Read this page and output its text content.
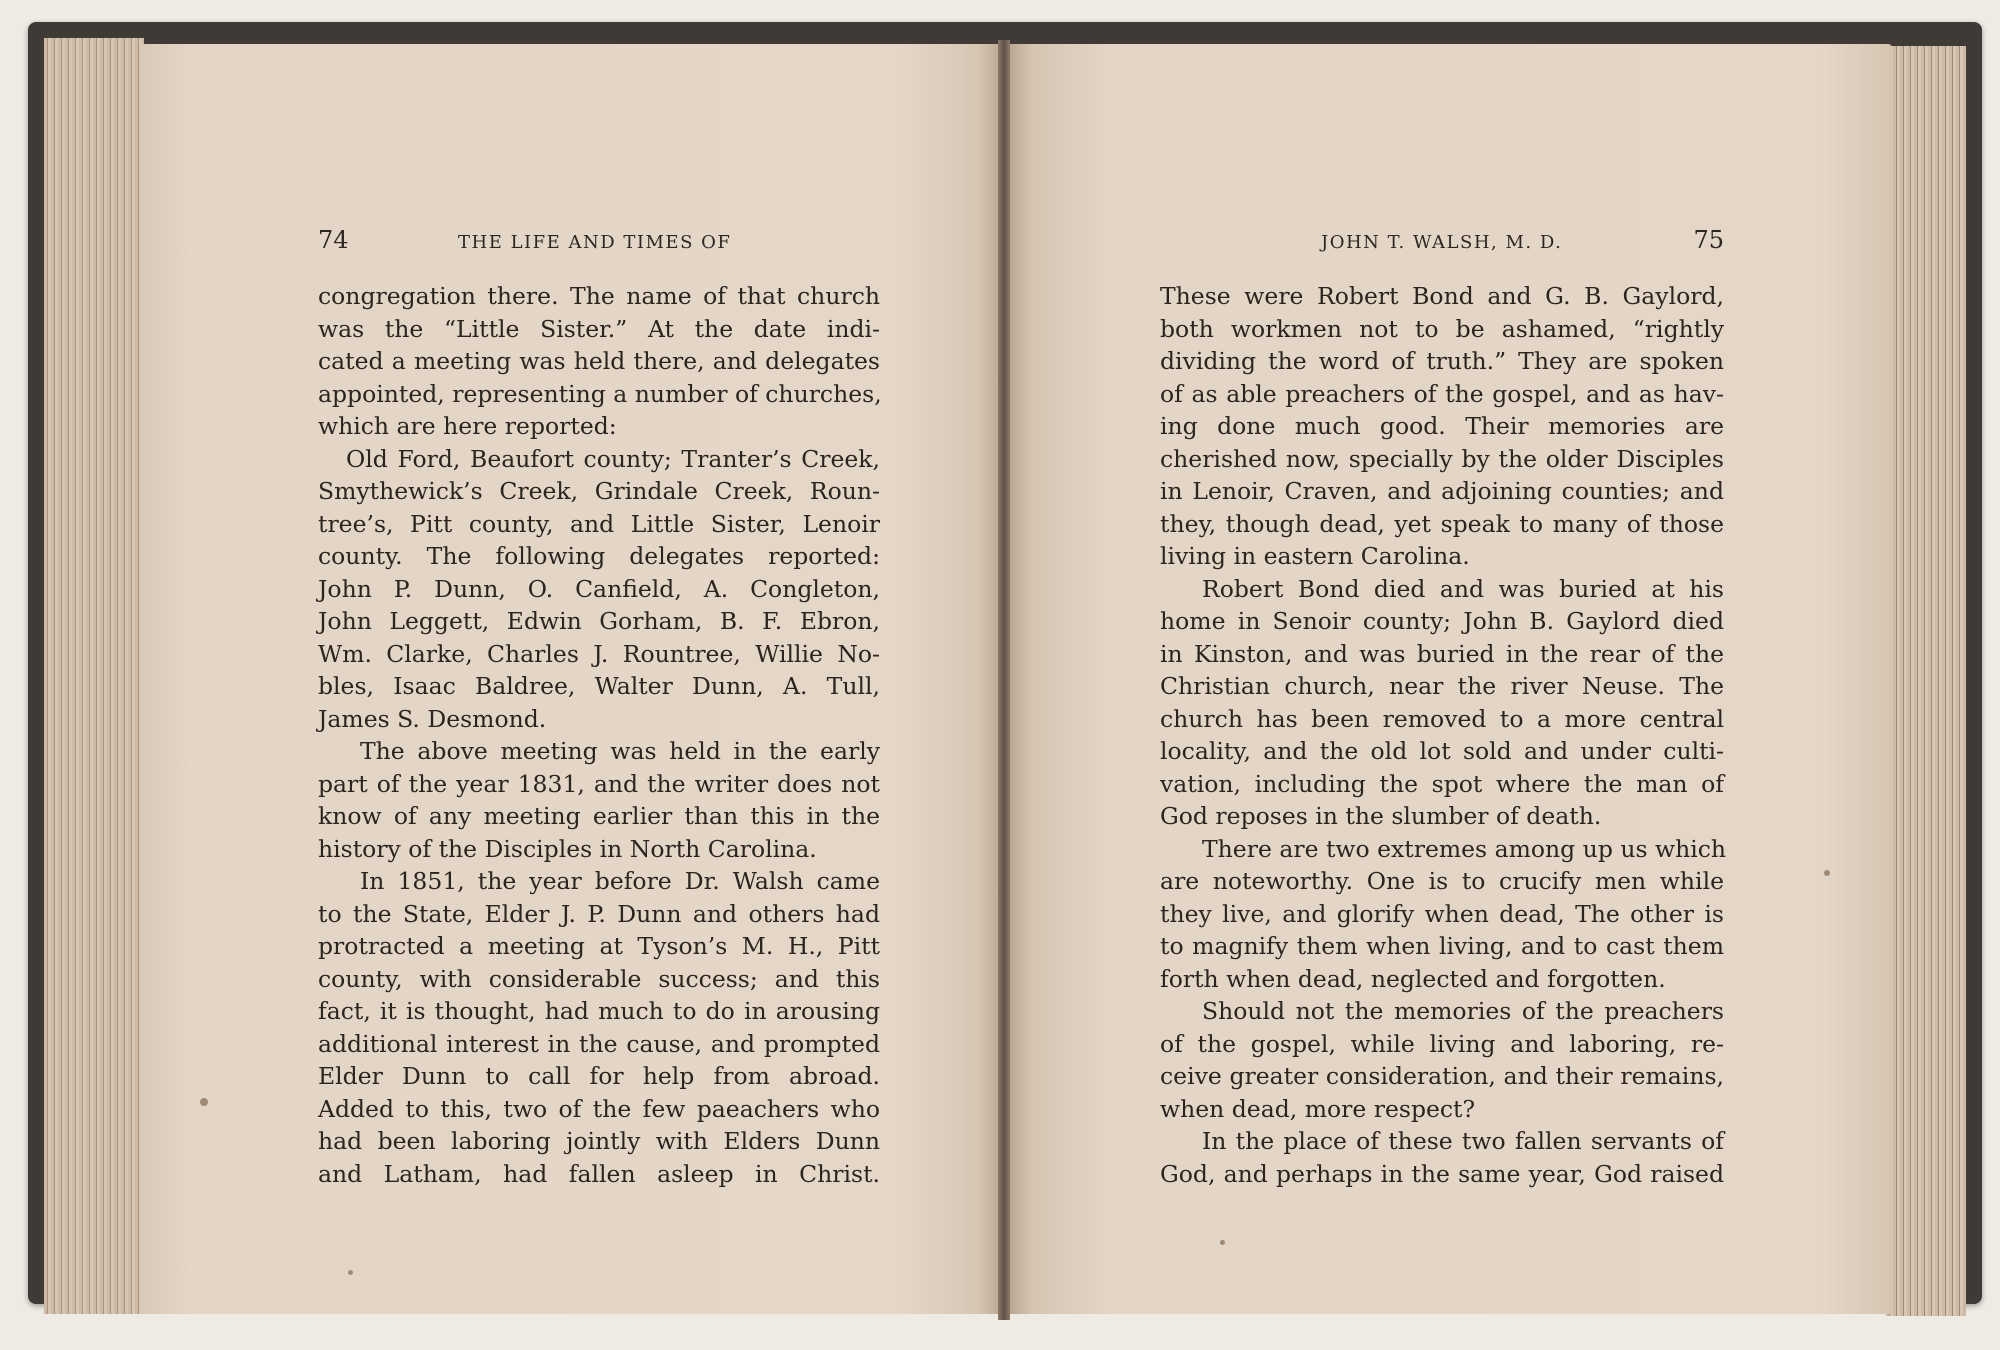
74	THE LIFE AND TIMES OF
congregation there. The name of that church
was the “Little Sister.” At the date indi-
cated a meeting was held there, and delegates
appointed, representing a number of churches,
which are here reported:
Old Ford, Beaufort county; Tranter’s Creek,
Smythewick’s Creek, Grindale Creek, Roun-
tree’s, Pitt county, and Little Sister, Lenoir
county. The following delegates reported:
John P. Dunn, O. Canfield, A. Congleton,
John Leggett, Edwin Gorham, B. F. Ebron,
Wm. Clarke, Charles J. Rountree, Willie No-
bles, Isaac Baldree, Walter Dunn, A. Tull,
James S. Desmond.
The above meeting was held in the early
part of the year 1831, and the writer does not
know of any meeting earlier than this in the
history of the Disciples in North Carolina.
In 1851, the year before Dr. Walsh came
to the State, Elder J. P. Dunn and others had
protracted a meeting at Tyson’s M. H., Pitt
county, with considerable success; and this
fact, it is thought, had much to do in arousing
additional interest in the cause, and prompted
Elder Dunn to call for help from abroad.
Added to this, two of the few paeachers who
had been laboring jointly with Elders Dunn
and Latham, had fallen asleep in Christ.
JOHN T. WALSH, M. D.	75
These were Robert Bond and G. B. Gaylord,
both workmen not to be ashamed, “rightly
dividing the word of truth.” They are spoken
of as able preachers of the gospel, and as hav-
ing done much good. Their memories are
cherished now, specially by the older Disciples
in Lenoir, Craven, and adjoining counties; and
they, though dead, yet speak to many of those
living in eastern Carolina.
Robert Bond died and was buried at his
home in Senoir county; John B. Gaylord died
in Kinston, and was buried in the rear of the
Christian church, near the river Neuse. The
church has been removed to a more central
locality, and the old lot sold and under culti-
vation, including the spot where the man of
God reposes in the slumber of death.
There are two extremes among up us which
are noteworthy. One is to crucify men while
they live, and glorify when dead, The other is
to magnify them when living, and to cast them
forth when dead, neglected and forgotten.
Should not the memories of the preachers
of the gospel, while living and laboring, re-
ceive greater consideration, and their remains,
when dead, more respect?
In the place of these two fallen servants of
God, and perhaps in the same year, God raised
